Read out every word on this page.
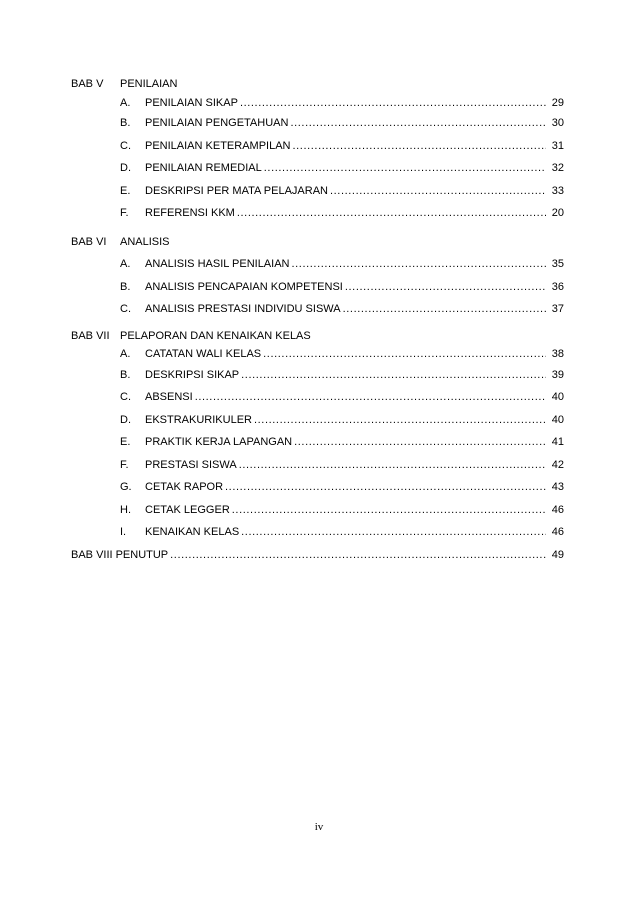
BAB V	PENILAIAN
A.	PENILAIAN SIKAP .....	29
B.	PENILAIAN PENGETAHUAN .....	30
C.	PENILAIAN KETERAMPILAN .....	31
D.	PENILAIAN REMEDIAL .....	32
E.	DESKRIPSI PER MATA PELAJARAN .....	33
F.	REFERENSI KKM .....	20
BAB VI	ANALISIS
A.	ANALISIS HASIL PENILAIAN .....	35
B.	ANALISIS PENCAPAIAN KOMPETENSI .....	36
C.	ANALISIS PRESTASI INDIVIDU SISWA .....	37
BAB VII PELAPORAN DAN KENAIKAN KELAS
A.	CATATAN WALI KELAS .....	38
B.	DESKRIPSI SIKAP .....	39
C.	ABSENSI .....	40
D.	EKSTRAKURIKULER .....	40
E.	PRAKTIK KERJA LAPANGAN .....	41
F.	PRESTASI SISWA .....	42
G.	CETAK RAPOR .....	43
H.	CETAK LEGGER .....	46
I.	KENAIKAN KELAS .....	46
BAB VIII PENUTUP .....	49
iv
